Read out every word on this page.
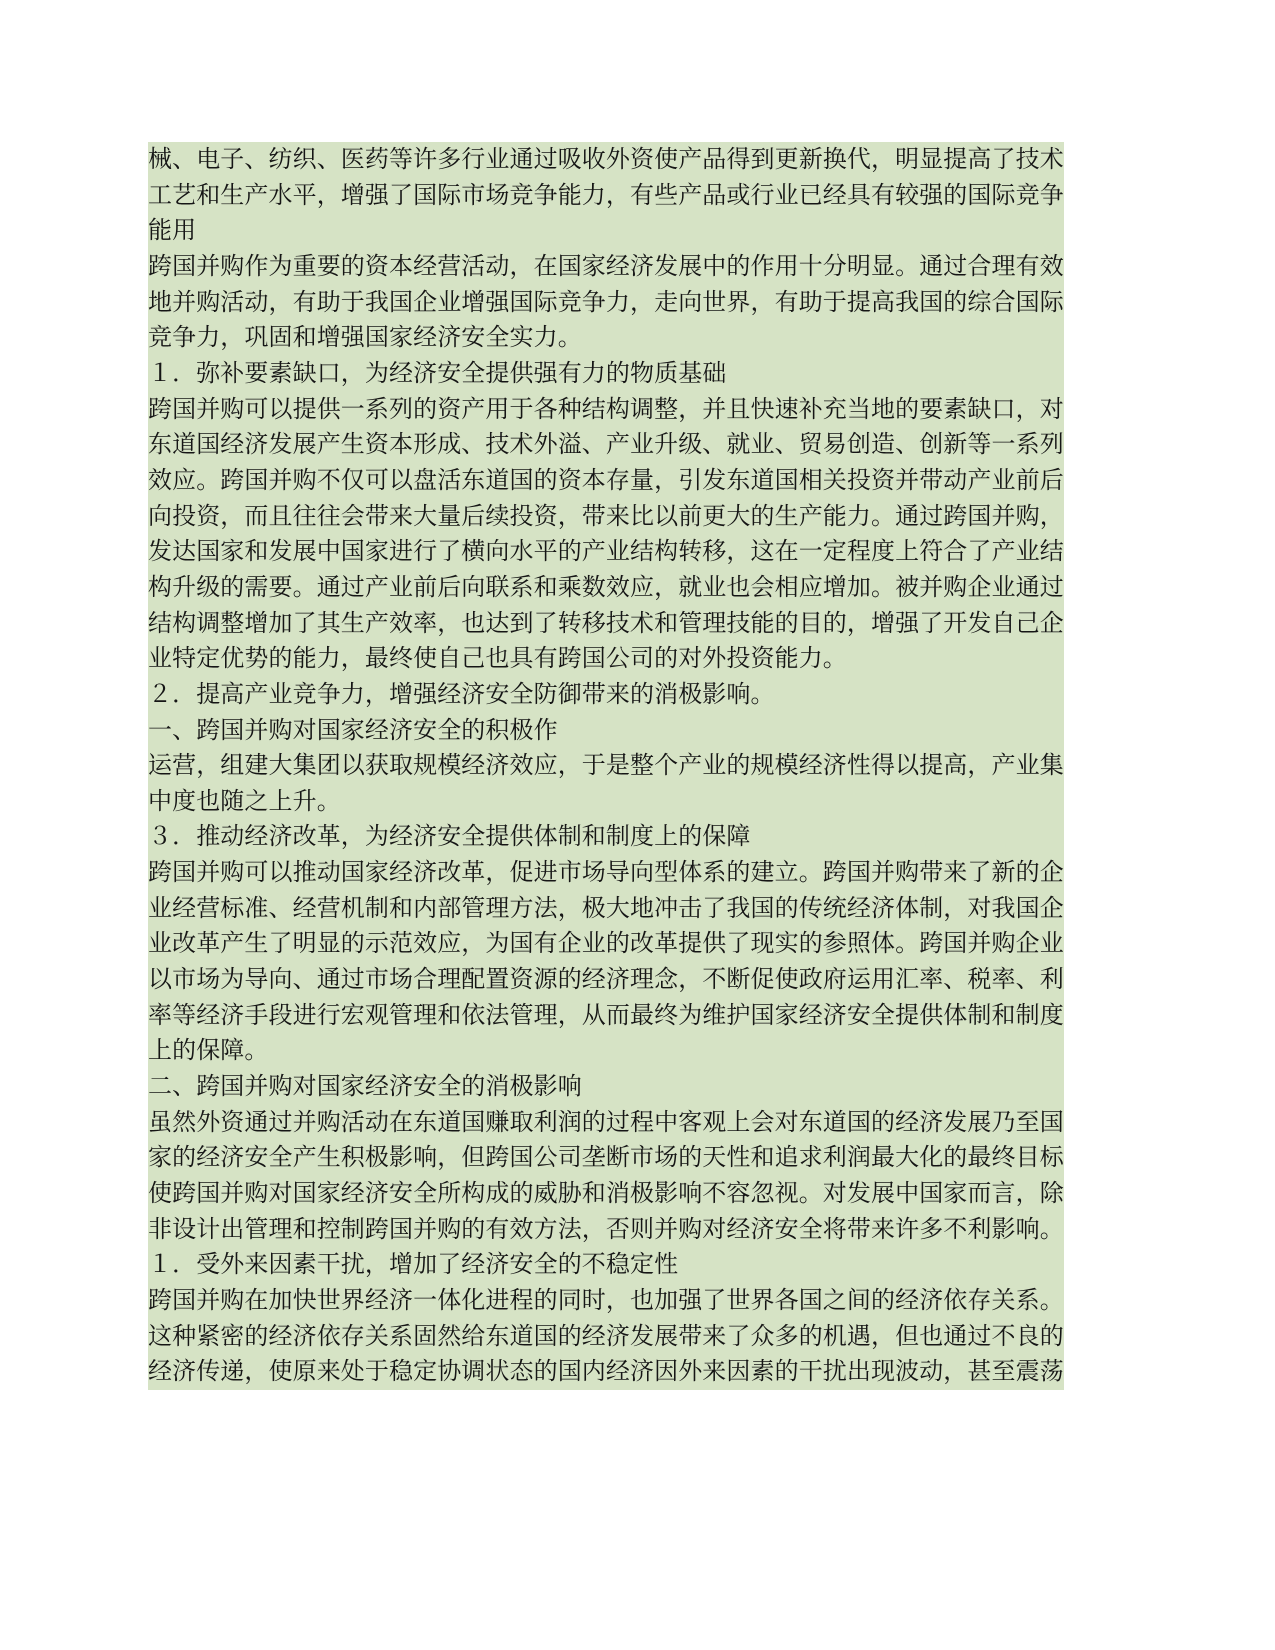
械、电子、纺织、医药等许多行业通过吸收外资使产品得到更新换代，明显提高了技术工艺和生产水平，增强了国际市场竞争能力，有些产品或行业已经具有较强的国际竞争能用

跨国并购作为重要的资本经营活动，在国家经济发展中的作用十分明显。通过合理有效地并购活动，有助于我国企业增强国际竞争力，走向世界，有助于提高我国的综合国际竞争力，巩固和增强国家经济安全实力。

１．弥补要素缺口，为经济安全提供强有力的物质基础

跨国并购可以提供一系列的资产用于各种结构调整，并且快速补充当地的要素缺口，对东道国经济发展产生资本形成、技术外溢、产业升级、就业、贸易创造、创新等一系列效应。跨国并购不仅可以盘活东道国的资本存量，引发东道国相关投资并带动产业前后向投资，而且往往会带来大量后续投资，带来比以前更大的生产能力。通过跨国并购，发达国家和发展中国家进行了横向水平的产业结构转移，这在一定程度上符合了产业结构升级的需要。通过产业前后向联系和乘数效应，就业也会相应增加。被并购企业通过结构调整增加了其生产效率，也达到了转移技术和管理技能的目的，增强了开发自己企业特定优势的能力，最终使自己也具有跨国公司的对外投资能力。

２．提高产业竞争力，增强经济安全防御带来的消极影响。

一、跨国并购对国家经济安全的积极作

运营，组建大集团以获取规模经济效应，于是整个产业的规模经济性得以提高，产业集中度也随之上升。

３．推动经济改革，为经济安全提供体制和制度上的保障

跨国并购可以推动国家经济改革，促进市场导向型体系的建立。跨国并购带来了新的企业经营标准、经营机制和内部管理方法，极大地冲击了我国的传统经济体制，对我国企业改革产生了明显的示范效应，为国有企业的改革提供了现实的参照体。跨国并购企业以市场为导向、通过市场合理配置资源的经济理念，不断促使政府运用汇率、税率、利率等经济手段进行宏观管理和依法管理，从而最终为维护国家经济安全提供体制和制度上的保障。

二、跨国并购对国家经济安全的消极影响

虽然外资通过并购活动在东道国赚取利润的过程中客观上会对东道国的经济发展乃至国家的经济安全产生积极影响，但跨国公司垄断市场的天性和追求利润最大化的最终目标使跨国并购对国家经济安全所构成的威胁和消极影响不容忽视。对发展中国家而言，除非设计出管理和控制跨国并购的有效方法，否则并购对经济安全将带来许多不利影响。

１．受外来因素干扰，增加了经济安全的不稳定性

跨国并购在加快世界经济一体化进程的同时，也加强了世界各国之间的经济依存关系。这种紧密的经济依存关系固然给东道国的经济发展带来了众多的机遇，但也通过不良的经济传递，使原来处于稳定协调状态的国内经济因外来因素的干扰出现波动，甚至震荡
